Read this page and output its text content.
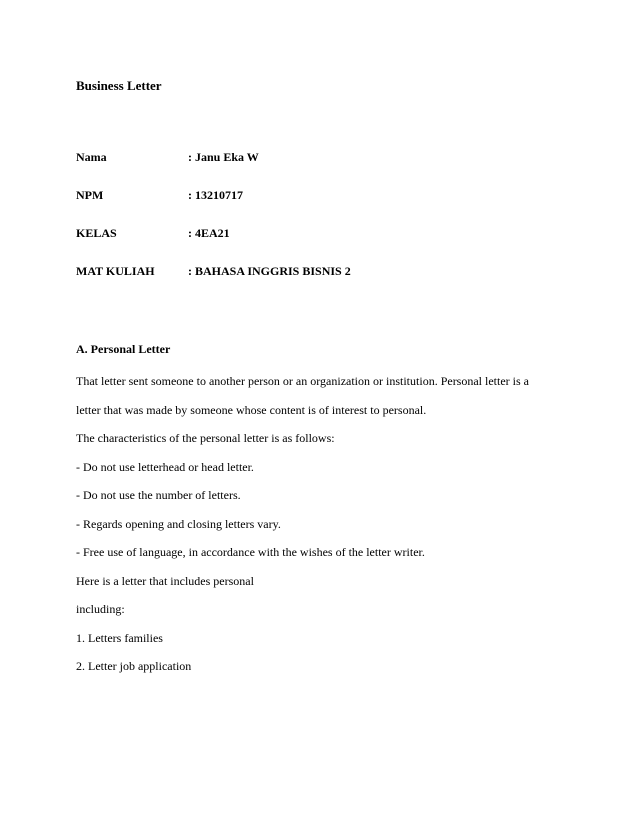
Business Letter
Nama	: Janu Eka W
NPM	: 13210717
KELAS	: 4EA21
MAT KULIAH	: BAHASA INGGRIS BISNIS 2
A. Personal Letter
That letter sent someone to another person or an organization or institution. Personal letter is a
letter that was made by someone whose content is of interest to personal.
The characteristics of the personal letter is as follows:
- Do not use letterhead or head letter.
- Do not use the number of letters.
- Regards opening and closing letters vary.
- Free use of language, in accordance with the wishes of the letter writer.
Here is a letter that includes personal
including:
1. Letters families
2. Letter job application
